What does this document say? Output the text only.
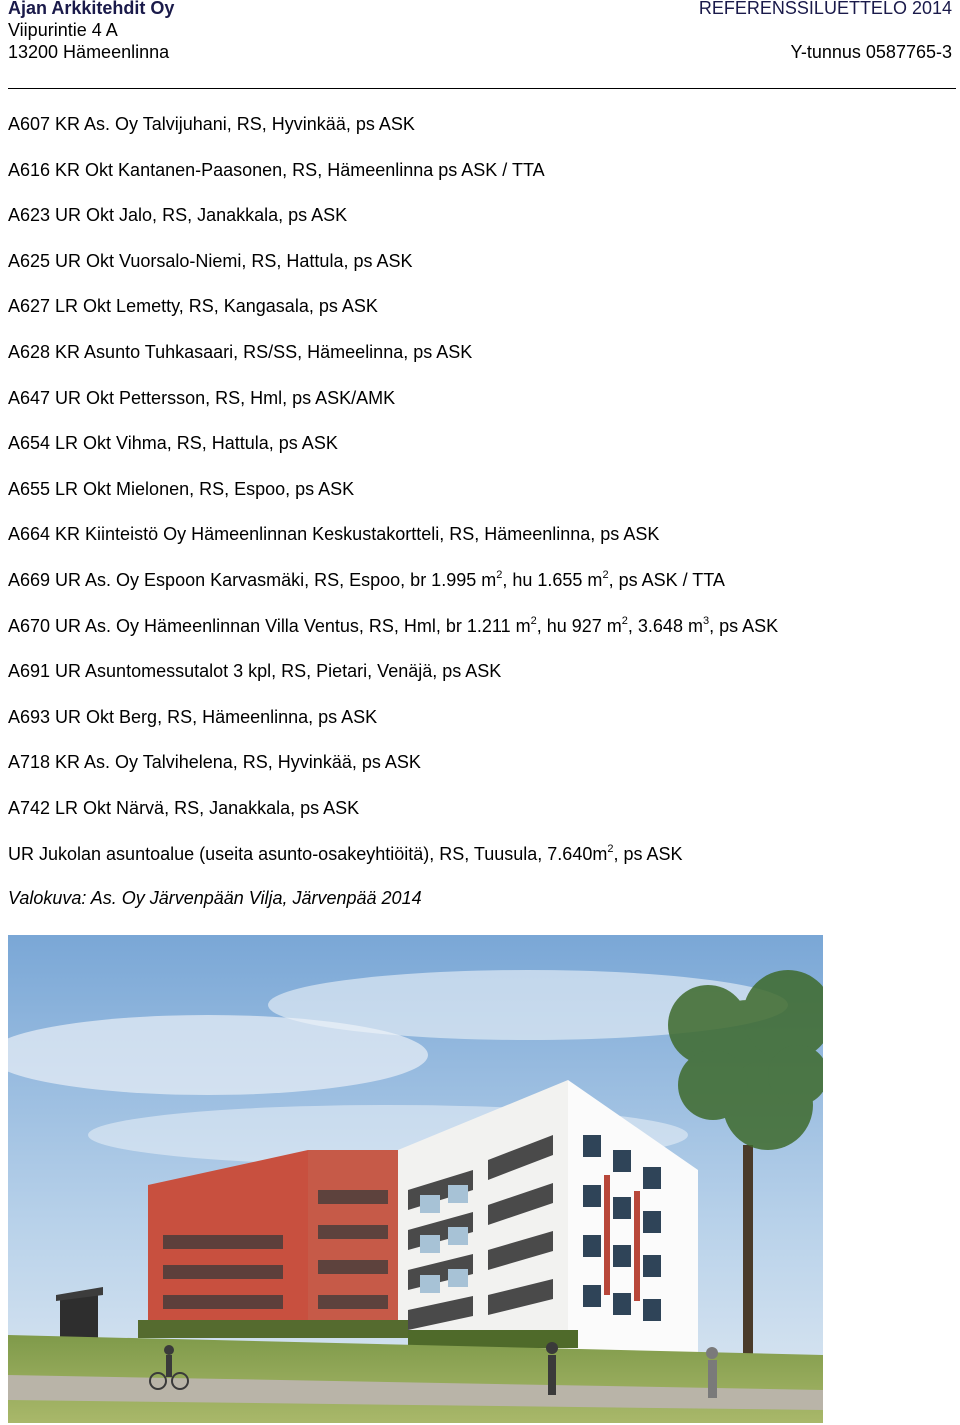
Ajan Arkkitehdit Oy	REFERENSSILUETTELO 2014
Viipurintie 4 A
13200 Hämeenlinna	Y-tunnus 0587765-3
A607 KR As. Oy Talvijuhani, RS, Hyvinkää, ps ASK
A616 KR Okt Kantanen-Paasonen, RS, Hämeenlinna ps ASK / TTA
A623 UR Okt Jalo, RS, Janakkala, ps ASK
A625 UR Okt Vuorsalo-Niemi, RS, Hattula, ps ASK
A627 LR Okt Lemetty, RS, Kangasala, ps ASK
A628 KR Asunto Tuhkasaari, RS/SS, Hämeelinna, ps ASK
A647 UR Okt Pettersson, RS, Hml, ps ASK/AMK
A654 LR Okt Vihma, RS, Hattula, ps ASK
A655 LR Okt Mielonen, RS, Espoo, ps ASK
A664 KR Kiinteistö Oy Hämeenlinnan Keskustakortteli, RS, Hämeenlinna, ps ASK
A669 UR As. Oy Espoon Karvasmäki, RS, Espoo, br 1.995 $m^2$, hu 1.655 $m^2$, ps ASK / TTA
A670 UR As. Oy Hämeenlinnan Villa Ventus, RS, Hml, br 1.211 $m^2$, hu 927 $m^2$, 3.648 $m^3$, ps ASK
A691 UR Asuntomessutalot 3 kpl, RS, Pietari, Venäjä, ps ASK
A693 UR Okt Berg, RS, Hämeenlinna, ps ASK
A718 KR As. Oy Talvihelena, RS, Hyvinkää, ps ASK
A742 LR Okt Närvä, RS, Janakkala, ps ASK
UR Jukolan asuntoalue (useita asunto-osakeyhtiöitä), RS, Tuusula, $7.640m^2$, ps ASK
Valokuva: As. Oy Järvenpään Vilja, Järvenpää 2014
